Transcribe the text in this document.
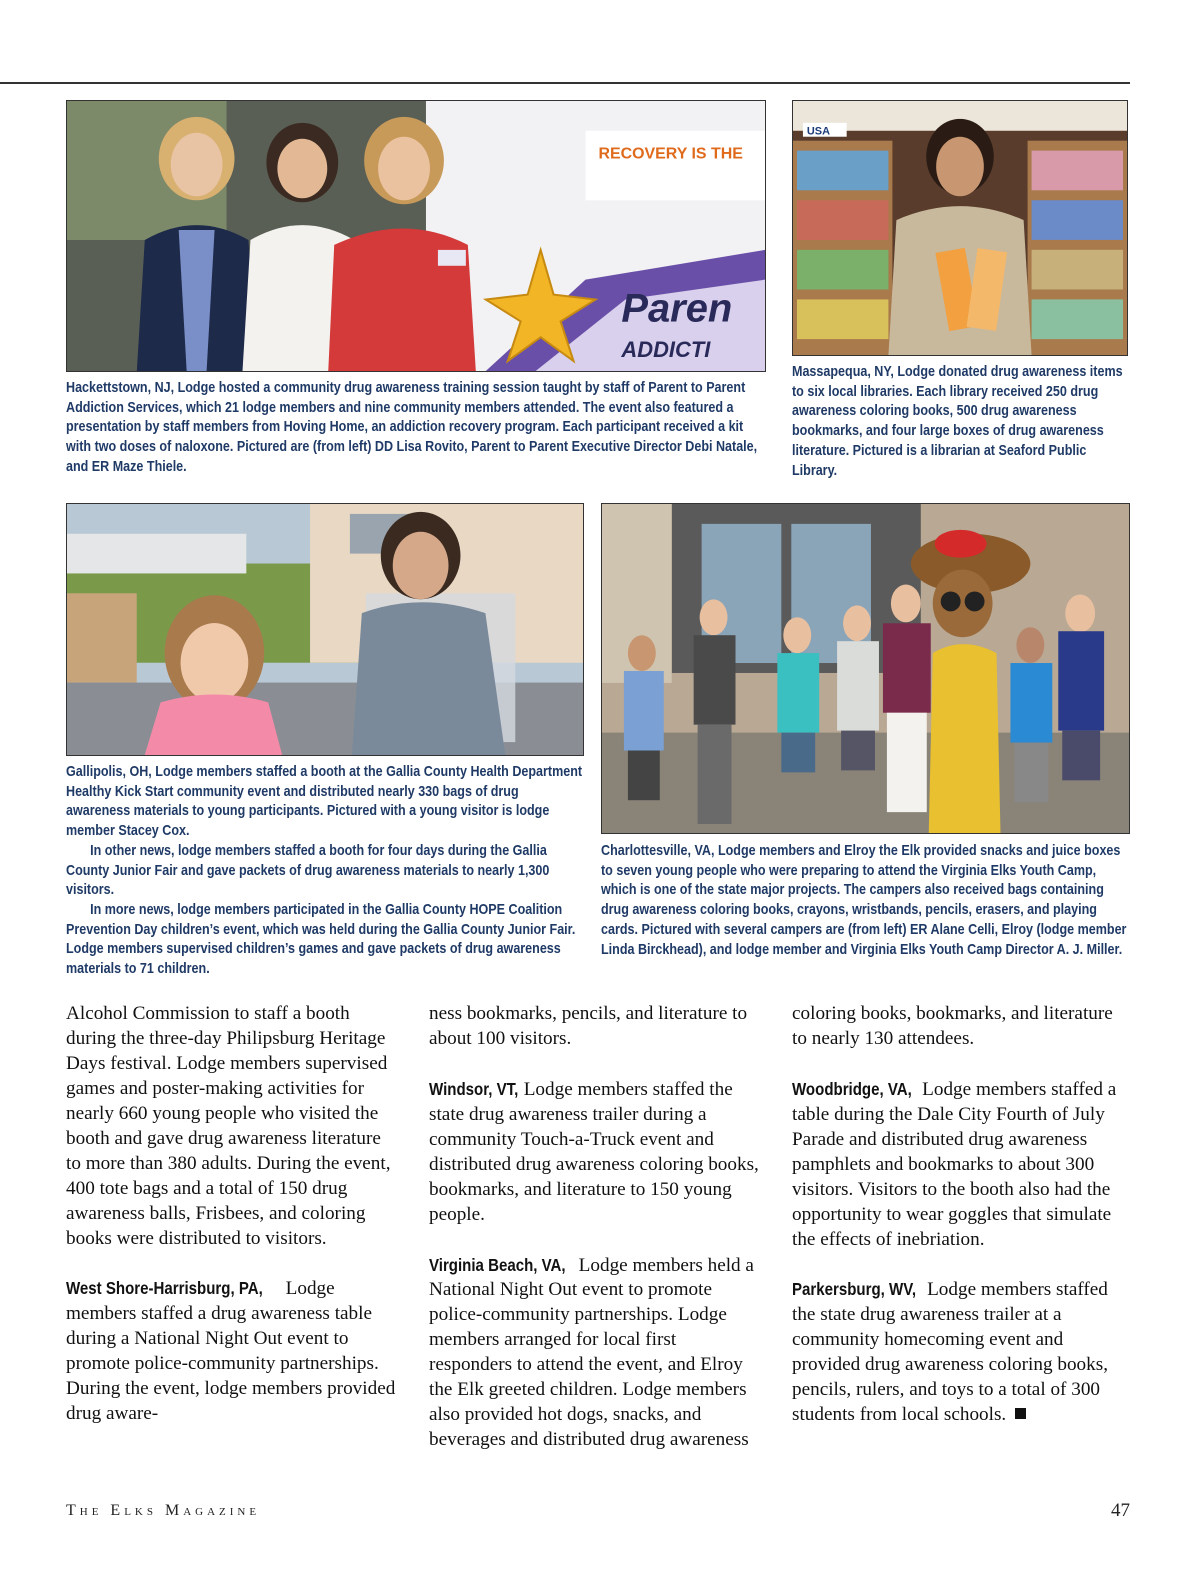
RECOVERY IS THE
Paren
ADDICTI
USA

Hackettstown, NJ, Lodge hosted a community drug awareness training session taught by staff of Parent to Parent Addiction Services, which 21 lodge members and nine community members attended. The event also featured a presentation by staff members from Hoving Home, an addiction recovery program. Each participant received a kit with two doses of naloxone. Pictured are (from left) DD Lisa Rovito, Parent to Parent Executive Director Debi Natale, and ER Maze Thiele.

Massapequa, NY, Lodge donated drug awareness items to six local libraries. Each library received 250 drug awareness coloring books, 500 drug awareness bookmarks, and four large boxes of drug awareness literature. Pictured is a librarian at Seaford Public Library.

Gallipolis, OH, Lodge members staffed a booth at the Gallia County Health Department Healthy Kick Start community event and distributed nearly 330 bags of drug awareness materials to young participants. Pictured with a young visitor is lodge member Stacey Cox.

In other news, lodge members staffed a booth for four days during the Gallia County Junior Fair and gave packets of drug awareness materials to nearly 1,300 visitors.

In more news, lodge members participated in the Gallia County HOPE Coalition Prevention Day children’s event, which was held during the Gallia County Junior Fair. Lodge members supervised children’s games and gave packets of drug awareness materials to 71 children.

Charlottesville, VA, Lodge members and Elroy the Elk provided snacks and juice boxes to seven young people who were preparing to attend the Virginia Elks Youth Camp, which is one of the state major projects. The campers also received bags containing drug awareness coloring books, crayons, wristbands, pencils, erasers, and playing cards. Pictured with several campers are (from left) ER Alane Celli, Elroy (lodge member Linda Birckhead), and lodge member and Virginia Elks Youth Camp Director A. J. Miller.

Alcohol Commission to staff a booth during the three-day Philipsburg Heritage Days festival. Lodge members supervised games and poster-making activities for nearly 660 young people who visited the booth and gave drug awareness literature to more than 380 adults. During the event, 400 tote bags and a total of 150 drug awareness balls, Frisbees, and coloring books were distributed to visitors.

West Shore-Harrisburg, PA, Lodge members staffed a drug awareness table during a National Night Out event to promote police-community partnerships. During the event, lodge members provided drug aware-

ness bookmarks, pencils, and literature to about 100 visitors.

Windsor, VT, Lodge members staffed the state drug awareness trailer during a community Touch-a-Truck event and distributed drug awareness coloring books, bookmarks, and literature to 150 young people.

Virginia Beach, VA, Lodge members held a National Night Out event to promote police-community partnerships. Lodge members arranged for local first responders to attend the event, and Elroy the Elk greeted children. Lodge members also provided hot dogs, snacks, and beverages and distributed drug awareness

coloring books, bookmarks, and literature to nearly 130 attendees.

Woodbridge, VA, Lodge members staffed a table during the Dale City Fourth of July Parade and distributed drug awareness pamphlets and bookmarks to about 300 visitors. Visitors to the booth also had the opportunity to wear goggles that simulate the effects of inebriation.

Parkersburg, WV, Lodge members staffed the state drug awareness trailer at a community homecoming event and provided drug awareness coloring books, pencils, rulers, and toys to a total of 300 students from local schools.

The Elks Magazine	47
